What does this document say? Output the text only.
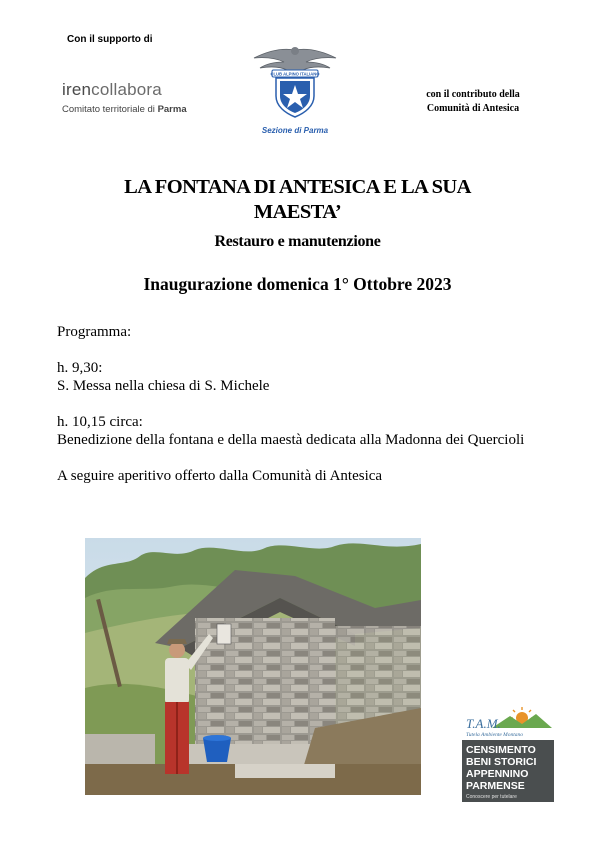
Con il supporto di
irencollabora
Comitato territoriale di Parma
CLUB ALPINO ITALIANO
Sezione di Parma
con il contributo della
Comunità di Antesica
LA FONTANA DI ANTESICA E LA SUA
MAESTA’
Restauro e manutenzione
Inaugurazione domenica 1° Ottobre 2023

Programma:

h. 9,30:

S. Messa nella chiesa di S. Michele

h. 10,15 circa:

Benedizione della fontana e della maestà dedicata alla Madonna dei Quercioli

A seguire aperitivo offerto dalla Comunità di Antesica

T.A.M.
Tutela Ambiente Montano
CENSIMENTO
BENI STORICI
APPENNINO
PARMENSE
Conoscere per tutelare
